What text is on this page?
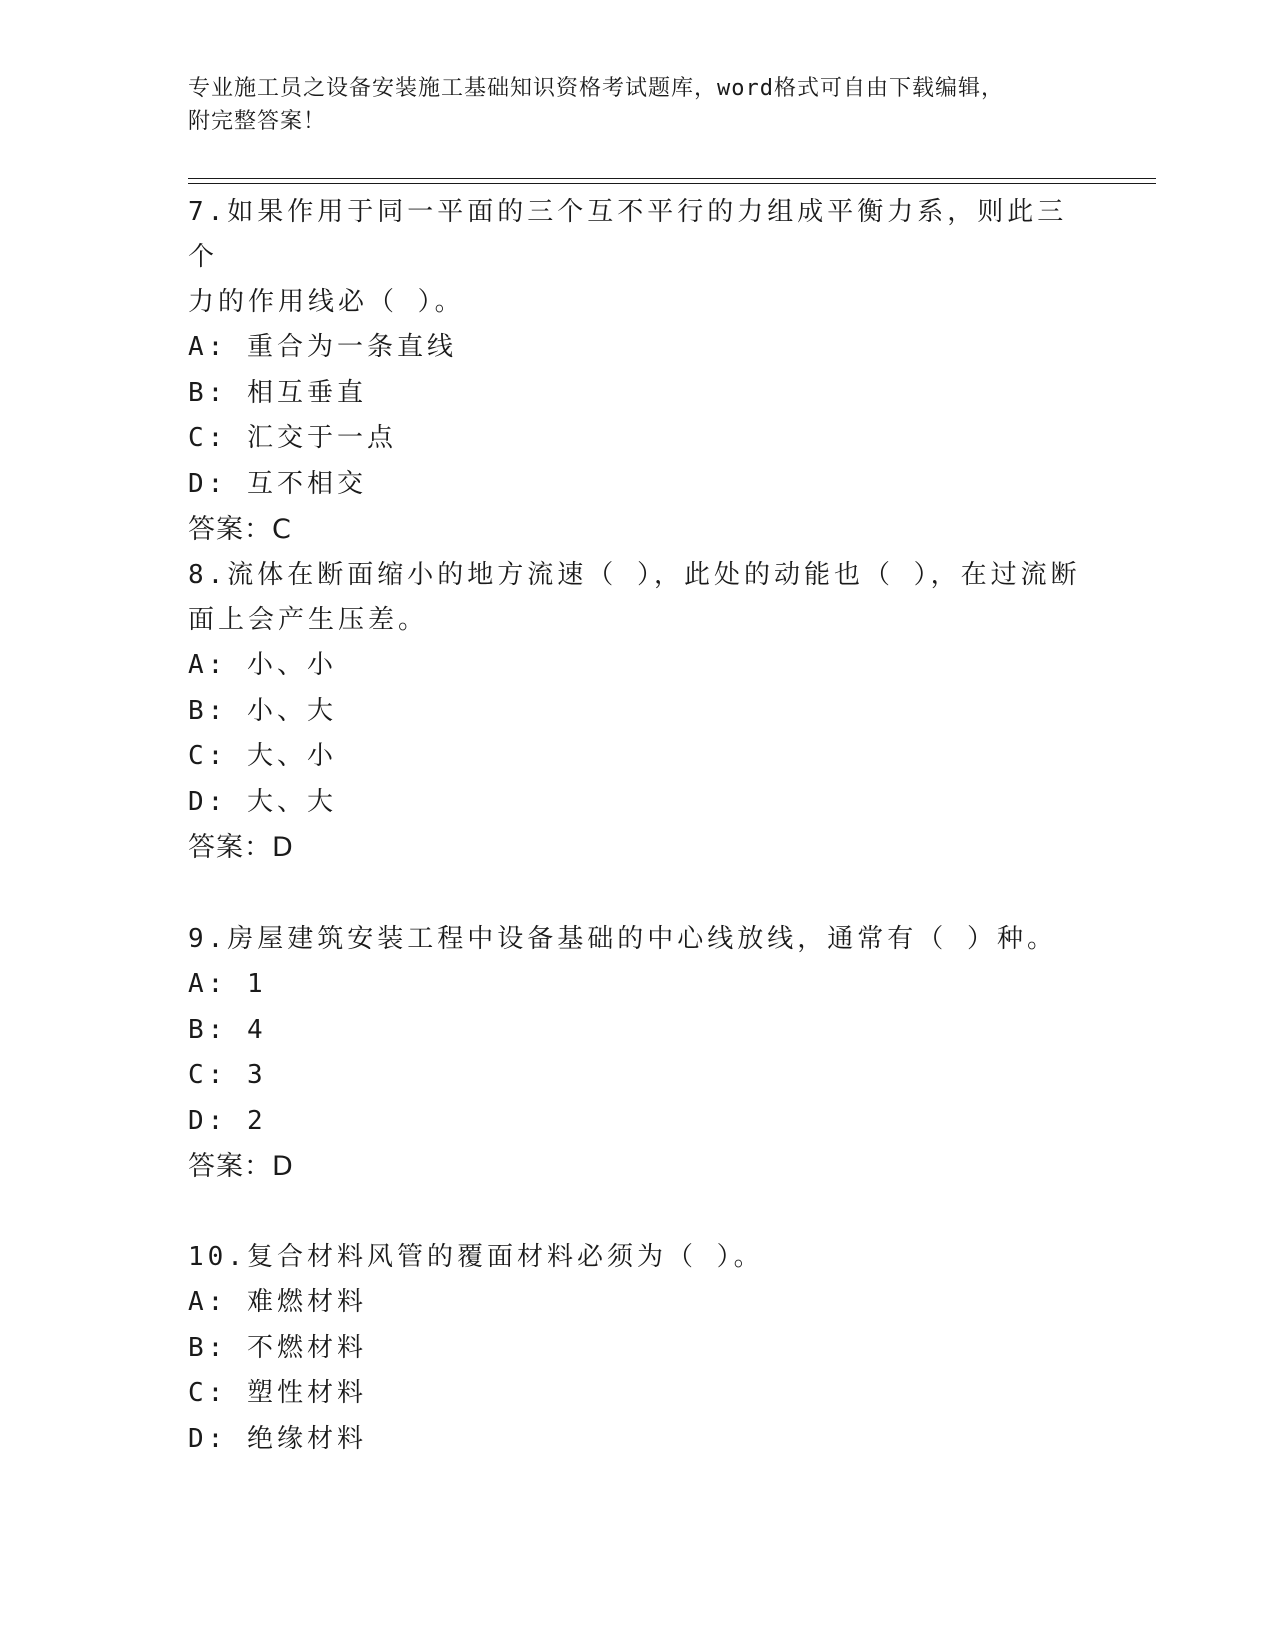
专业施工员之设备安装施工基础知识资格考试题库，word格式可自由下载编辑，
附完整答案！

7.如果作用于同一平面的三个互不平行的力组成平衡力系，则此三个

力的作用线必（ ）。

A: 重合为一条直线

B: 相互垂直

C: 汇交于一点

D: 互不相交

答案：C

8.流体在断面缩小的地方流速（ ），此处的动能也（ ），在过流断

面上会产生压差。

A: 小、小

B: 小、大

C: 大、小

D: 大、大

答案：D

9.房屋建筑安装工程中设备基础的中心线放线，通常有（ ）种。

A: 1

B: 4

C: 3

D: 2

答案：D

10.复合材料风管的覆面材料必须为（ ）。

A: 难燃材料

B: 不燃材料

C: 塑性材料

D: 绝缘材料
